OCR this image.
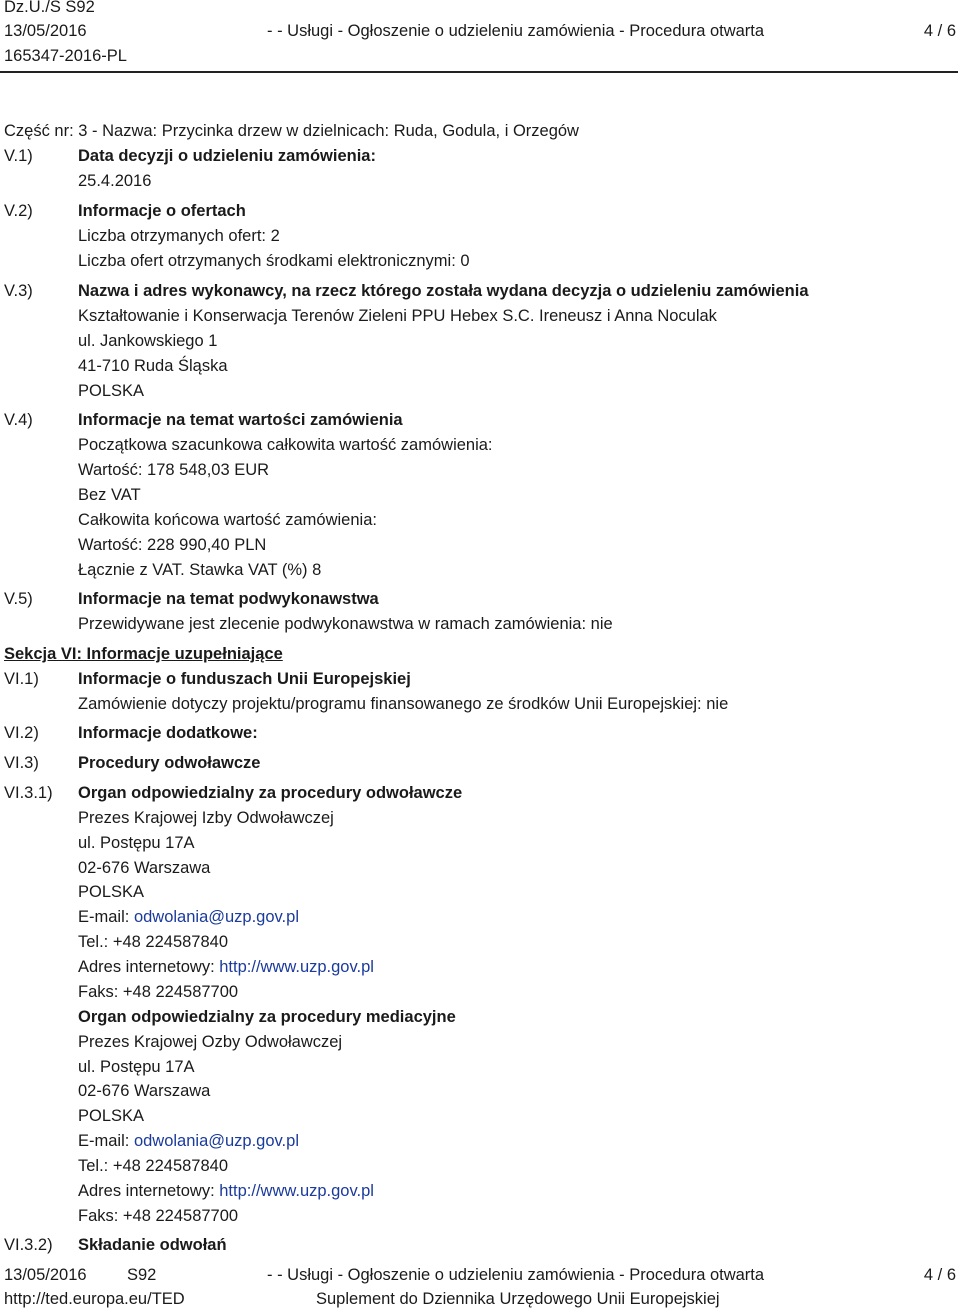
Dz.U./S S92
13/05/2016	- - Usługi - Ogłoszenie o udzieleniu zamówienia - Procedura otwarta	4 / 6
165347-2016-PL
Część nr: 3 - Nazwa: Przycinka drzew w dzielnicach: Ruda, Godula, i Orzegów
V.1)	Data decyzji o udzieleniu zamówienia:
25.4.2016
V.2)	Informacje o ofertach
Liczba otrzymanych ofert: 2
Liczba ofert otrzymanych środkami elektronicznymi: 0
V.3)	Nazwa i adres wykonawcy, na rzecz którego została wydana decyzja o udzieleniu zamówienia
Kształtowanie i Konserwacja Terenów Zieleni PPU Hebex S.C. Ireneusz i Anna Noculak
ul. Jankowskiego 1
41-710 Ruda Śląska
POLSKA
V.4)	Informacje na temat wartości zamówienia
Początkowa szacunkowa całkowita wartość zamówienia:
Wartość: 178 548,03 EUR
Bez VAT
Całkowita końcowa wartość zamówienia:
Wartość: 228 990,40 PLN
Łącznie z VAT. Stawka VAT (%) 8
V.5)	Informacje na temat podwykonawstwa
Przewidywane jest zlecenie podwykonawstwa w ramach zamówienia: nie
Sekcja VI: Informacje uzupełniające
VI.1) Informacje o funduszach Unii Europejskiej
Zamówienie dotyczy projektu/programu finansowanego ze środków Unii Europejskiej: nie
VI.2) Informacje dodatkowe:
VI.3) Procedury odwoławcze
VI.3.1) Organ odpowiedzialny za procedury odwoławcze
Prezes Krajowej Izby Odwoławczej
ul. Postępu 17A
02-676 Warszawa
POLSKA
E-mail: odwolania@uzp.gov.pl
Tel.: +48 224587840
Adres internetowy: http://www.uzp.gov.pl
Faks: +48 224587700
Organ odpowiedzialny za procedury mediacyjne
Prezes Krajowej Ozby Odwoławczej
ul. Postępu 17A
02-676 Warszawa
POLSKA
E-mail: odwolania@uzp.gov.pl
Tel.: +48 224587840
Adres internetowy: http://www.uzp.gov.pl
Faks: +48 224587700
VI.3.2) Składanie odwołań
13/05/2016 S92	- - Usługi - Ogłoszenie o udzieleniu zamówienia - Procedura otwarta	4 / 6
http://ted.europa.eu/TED	Suplement do Dziennika Urzędowego Unii Europejskiej
